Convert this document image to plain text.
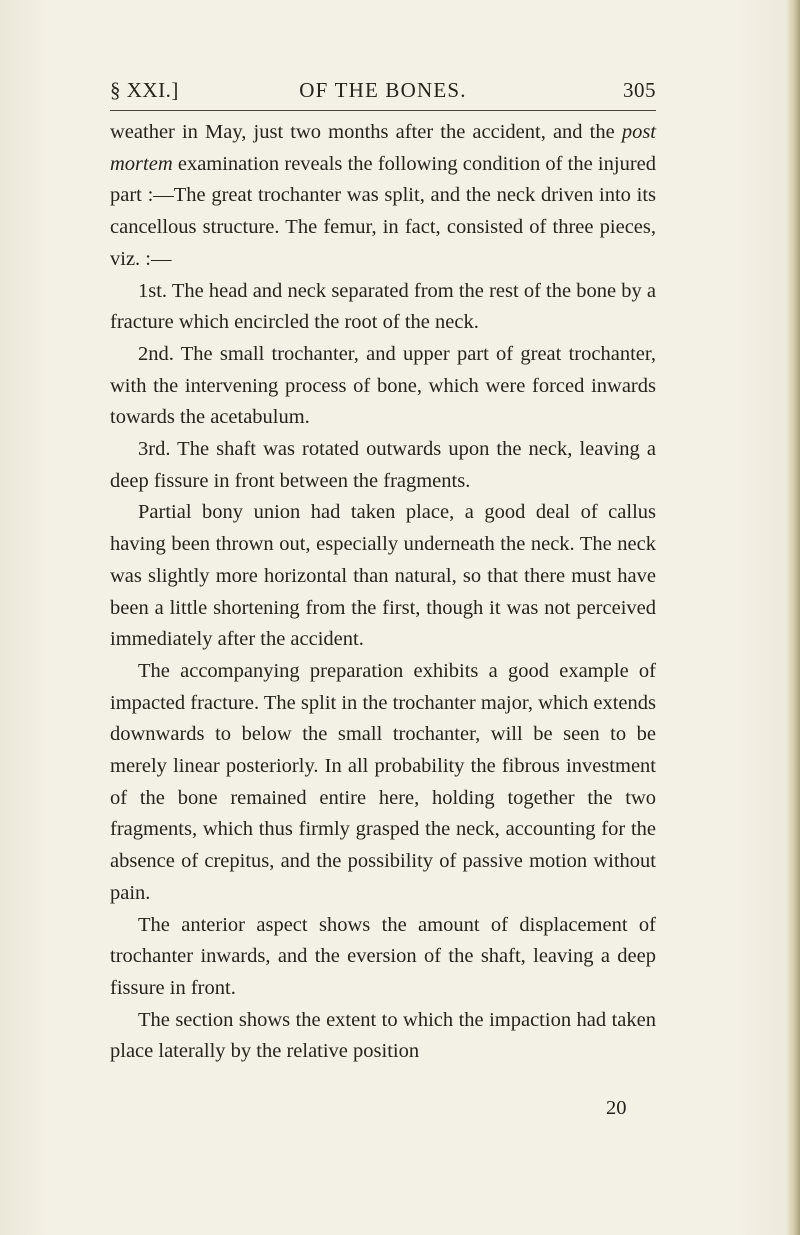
§ XXI.]	OF THE BONES.	305

weather in May, just two months after the accident, and the post mortem examination reveals the following condition of the injured part :—The great trochanter was split, and the neck driven into its cancellous structure. The femur, in fact, consisted of three pieces, viz. :—

1st. The head and neck separated from the rest of the bone by a fracture which encircled the root of the neck.

2nd. The small trochanter, and upper part of great trochanter, with the intervening process of bone, which were forced inwards towards the acetabulum.

3rd. The shaft was rotated outwards upon the neck, leaving a deep fissure in front between the fragments.

Partial bony union had taken place, a good deal of callus having been thrown out, especially underneath the neck. The neck was slightly more horizontal than natural, so that there must have been a little shortening from the first, though it was not perceived immediately after the accident.

The accompanying preparation exhibits a good example of impacted fracture. The split in the trochanter major, which extends downwards to below the small trochanter, will be seen to be merely linear posteriorly. In all probability the fibrous investment of the bone remained entire here, holding together the two fragments, which thus firmly grasped the neck, accounting for the absence of crepitus, and the possibility of passive motion without pain.

The anterior aspect shows the amount of displacement of trochanter inwards, and the eversion of the shaft, leaving a deep fissure in front.

The section shows the extent to which the impaction had taken place laterally by the relative position

20
